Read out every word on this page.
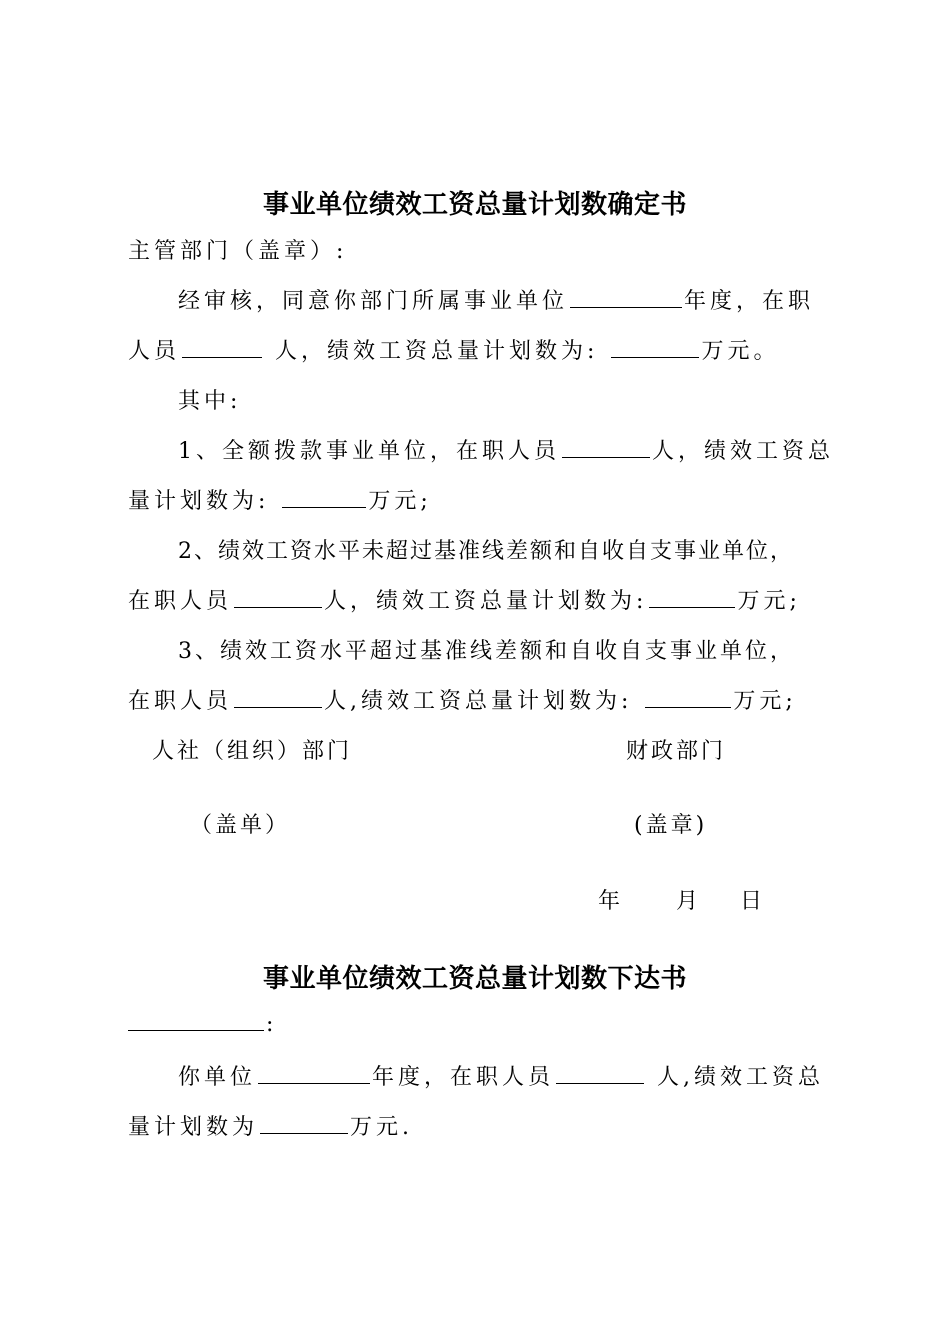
事业单位绩效工资总量计划数确定书
主管部门（盖章）:
经审核，同意你部门所属事业单位	年度，在职
人员	人，绩效工资总量计划数为:	万元。
其中:
1、全额拨款事业单位，在职人员	人，绩效工资总
量计划数为:	万元;
2、绩效工资水平未超过基准线差额和自收自支事业单位，
在职人员	人，绩效工资总量计划数为:	万元;
3、绩效工资水平超过基准线差额和自收自支事业单位，
在职人员	人,绩效工资总量计划数为:	万元;
人社（组织）部门	财政部门
（盖单）	(盖章)
年 月 日
事业单位绩效工资总量计划数下达书
:
你单位	年度，在职人员	人,绩效工资总
量计划数为	万元.
